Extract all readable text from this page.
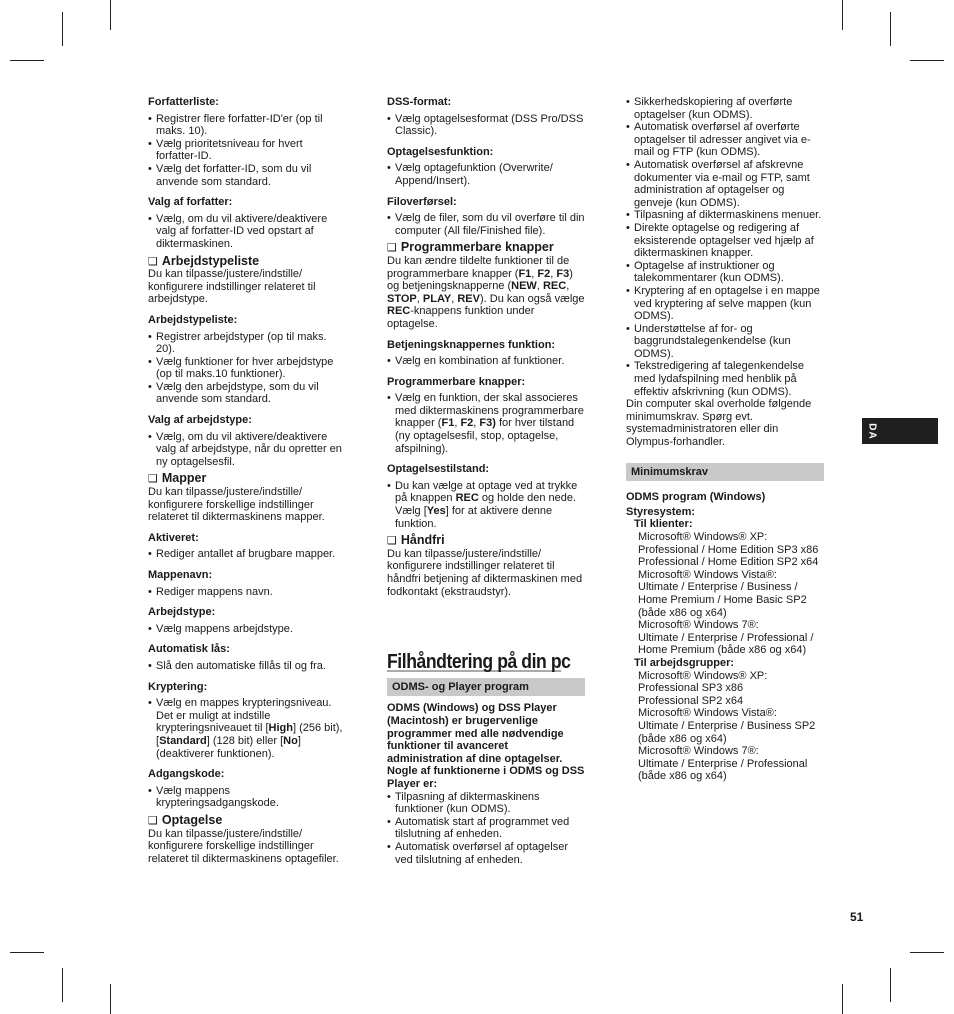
Forfatterliste:
• Registrer flere forfatter-ID'er (op til maks. 10).
• Vælg prioritetsniveau for hvert forfatter-ID.
• Vælg det forfatter-ID, som du vil anvende som standard.
Valg af forfatter:
• Vælg, om du vil aktivere/deaktivere valg af forfatter-ID ved opstart af diktermaskinen.
❑ Arbejdstypeliste

Du kan tilpasse/justere/indstille/ konfigurere indstillinger relateret til arbejdstype.

Arbejdstypeliste:
• Registrer arbejdstyper (op til maks. 20).
• Vælg funktioner for hver arbejdstype (op til maks.10 funktioner).
• Vælg den arbejdstype, som du vil anvende som standard.
Valg af arbejdstype:
• Vælg, om du vil aktivere/deaktivere valg af arbejdstype, når du opretter en ny optagelsesfil.
❑ Mapper

Du kan tilpasse/justere/indstille/ konfigurere forskellige indstillinger relateret til diktermaskinens mapper.

Aktiveret:
• Rediger antallet af brugbare mapper.
Mappenavn:
• Rediger mappens navn.
Arbejdstype:
• Vælg mappens arbejdstype.
Automatisk lås:
• Slå den automatiske fillås til og fra.
Kryptering:
• Vælg en mappes krypteringsniveau. Det er muligt at indstille krypteringsniveauet til [High] (256 bit), [Standard] (128 bit) eller [No] (deaktiverer funktionen).
Adgangskode:
• Vælg mappens krypteringsadgangskode.
❑ Optagelse

Du kan tilpasse/justere/indstille/ konfigurere forskellige indstillinger relateret til diktermaskinens optagefiler.

DSS-format:
• Vælg optagelsesformat (DSS Pro/DSS Classic).
Optagelsesfunktion:
• Vælg optagefunktion (Overwrite/ Append/Insert).
Filoverførsel:
• Vælg de filer, som du vil overføre til din computer (All file/Finished file).
❑ Programmerbare knapper

Du kan ændre tildelte funktioner til de programmerbare knapper (F1, F2, F3) og betjeningsknapperne (NEW, REC, STOP, PLAY, REV). Du kan også vælge REC-knappens funktion under optagelse.

Betjeningsknappernes funktion:
• Vælg en kombination af funktioner.
Programmerbare knapper:
• Vælg en funktion, der skal associeres med diktermaskinens programmerbare knapper (F1, F2, F3) for hver tilstand (ny optagelsesfil, stop, optagelse, afspilning).
Optagelsestilstand:
• Du kan vælge at optage ved at trykke på knappen REC og holde den nede. Vælg [Yes] for at aktivere denne funktion.
❑ Håndfri

Du kan tilpasse/justere/indstille/ konfigurere indstillinger relateret til håndfri betjening af diktermaskinen med fodkontakt (ekstraudstyr).

Filhåndtering på din pc
ODMS- og Player program

ODMS (Windows) og DSS Player (Macintosh) er brugervenlige programmer med alle nødvendige funktioner til avanceret administration af dine optagelser. Nogle af funktionerne i ODMS og DSS Player er:

• Tilpasning af diktermaskinens funktioner (kun ODMS).
• Automatisk start af programmet ved tilslutning af enheden.
• Automatisk overførsel af optagelser ved tilslutning af enheden.
• Sikkerhedskopiering af overførte optagelser (kun ODMS).
• Automatisk overførsel af overførte optagelser til adresser angivet via e-mail og FTP (kun ODMS).
• Automatisk overførsel af afskrevne dokumenter via e-mail og FTP, samt administration af optagelser og genveje (kun ODMS).
• Tilpasning af diktermaskinens menuer.
• Direkte optagelse og redigering af eksisterende optagelser ved hjælp af diktermaskinen knapper.
• Optagelse af instruktioner og talekommentarer (kun ODMS).
• Kryptering af en optagelse i en mappe ved kryptering af selve mappen (kun ODMS).
• Understøttelse af for- og baggrundstalegenkendelse (kun ODMS).
• Tekstredigering af talegenkendelse med lydafspilning med henblik på effektiv afskrivning (kun ODMS).

Din computer skal overholde følgende minimumskrav. Spørg evt. systemadministratoren eller din Olympus-forhandler.

Minimumskrav

ODMS program (Windows)

Styresystem:

Til klienter:

Microsoft® Windows® XP:

Professional / Home Edition SP3 x86

Professional / Home Edition SP2 x64

Microsoft® Windows Vista®:

Ultimate / Enterprise / Business / Home Premium / Home Basic SP2 (både x86 og x64)

Microsoft® Windows 7®:

Ultimate / Enterprise / Professional / Home Premium (både x86 og x64)

Til arbejdsgrupper:

Microsoft® Windows® XP:

Professional SP3 x86

Professional SP2 x64

Microsoft® Windows Vista®:

Ultimate / Enterprise / Business SP2 (både x86 og x64)

Microsoft® Windows 7®:

Ultimate / Enterprise / Professional (både x86 og x64)

DA
51
